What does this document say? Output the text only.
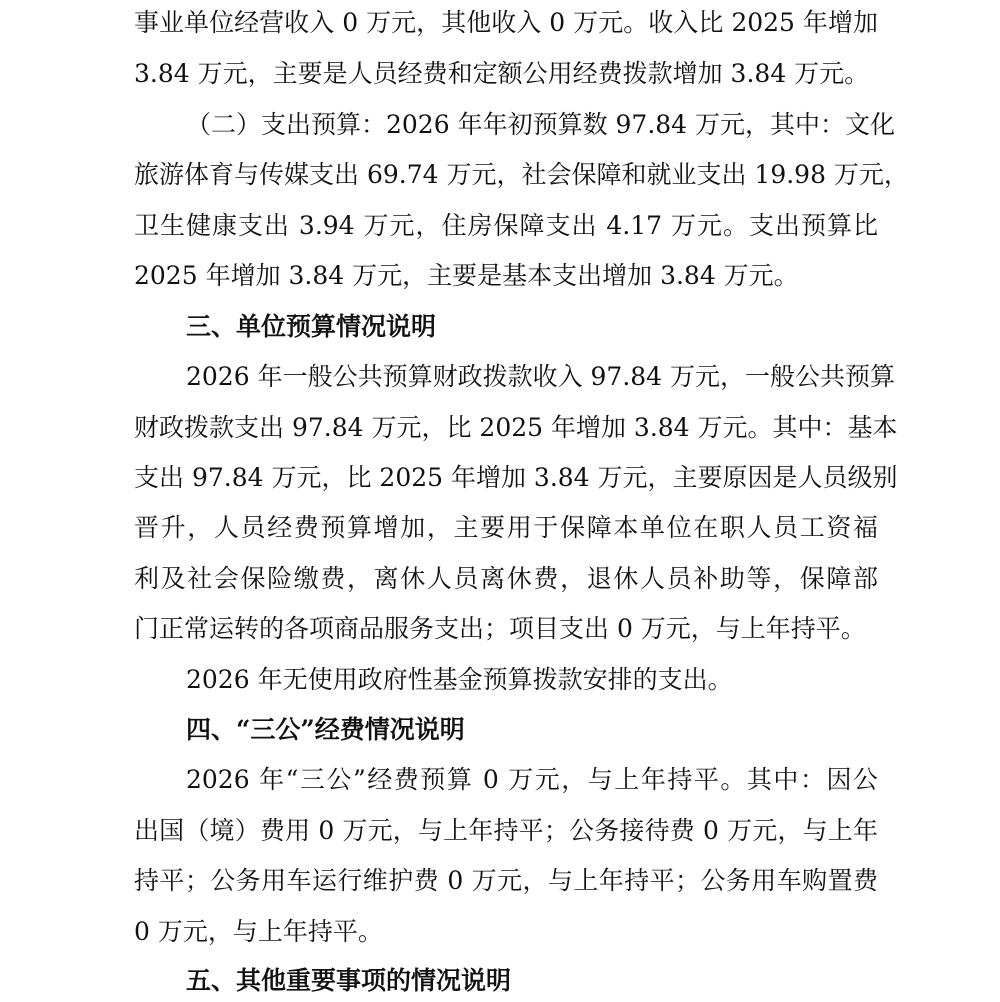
事业单位经营收入 0 万元，其他收入 0 万元。收入比 2025 年增加
3.84 万元，主要是人员经费和定额公用经费拨款增加 3.84 万元。
（二）支出预算：2026 年年初预算数 97.84 万元，其中：文化
旅游体育与传媒支出 69.74 万元，社会保障和就业支出 19.98 万元，
卫生健康支出 3.94 万元，住房保障支出 4.17 万元。支出预算比
2025 年增加 3.84 万元，主要是基本支出增加 3.84 万元。
三、单位预算情况说明
2026 年一般公共预算财政拨款收入 97.84 万元，一般公共预算
财政拨款支出 97.84 万元，比 2025 年增加 3.84 万元。其中：基本
支出 97.84 万元，比 2025 年增加 3.84 万元，主要原因是人员级别
晋升，人员经费预算增加，主要用于保障本单位在职人员工资福
利及社会保险缴费，离休人员离休费，退休人员补助等，保障部
门正常运转的各项商品服务支出；项目支出 0 万元，与上年持平。
2026 年无使用政府性基金预算拨款安排的支出。
四、“三公”经费情况说明
2026 年“三公”经费预算 0 万元，与上年持平。其中：因公
出国（境）费用 0 万元，与上年持平；公务接待费 0 万元，与上年
持平；公务用车运行维护费 0 万元，与上年持平；公务用车购置费
0 万元，与上年持平。
五、其他重要事项的情况说明
